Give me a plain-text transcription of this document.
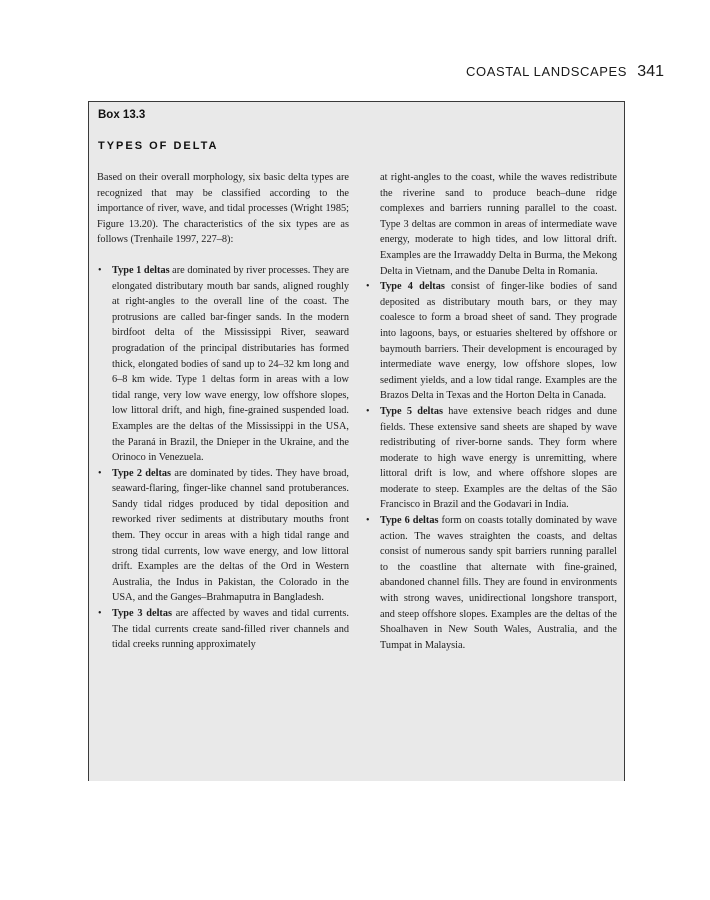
COASTAL LANDSCAPES 341
Box 13.3
TYPES OF DELTA

Based on their overall morphology, six basic delta types are recognized that may be classified according to the importance of river, wave, and tidal processes (Wright 1985; Figure 13.20). The characteristics of the six types are as follows (Trenhaile 1997, 227–8):

• Type 1 deltas are dominated by river processes. They are elongated distributary mouth bar sands, aligned roughly at right-angles to the overall line of the coast. The protrusions are called bar-finger sands. In the modern birdfoot delta of the Mississippi River, seaward progradation of the principal distributaries has formed thick, elongated bodies of sand up to 24–32 km long and 6–8 km wide. Type 1 deltas form in areas with a low tidal range, very low wave energy, low offshore slopes, low littoral drift, and high, fine-grained suspended load. Examples are the deltas of the Mississippi in the USA, the Paraná in Brazil, the Dnieper in the Ukraine, and the Orinoco in Venezuela.
• Type 2 deltas are dominated by tides. They have broad, seaward-flaring, finger-like channel sand protuberances. Sandy tidal ridges produced by tidal deposition and reworked river sediments at distributary mouths front them. They occur in areas with a high tidal range and strong tidal currents, low wave energy, and low littoral drift. Examples are the deltas of the Ord in Western Australia, the Indus in Pakistan, the Colorado in the USA, and the Ganges–Brahmaputra in Bangladesh.
• Type 3 deltas are affected by waves and tidal currents. The tidal currents create sand-filled river channels and tidal creeks running approximately
at right-angles to the coast, while the waves redistribute the riverine sand to produce beach–dune ridge complexes and barriers running parallel to the coast. Type 3 deltas are common in areas of intermediate wave energy, moderate to high tides, and low littoral drift. Examples are the Irrawaddy Delta in Burma, the Mekong Delta in Vietnam, and the Danube Delta in Romania.
• Type 4 deltas consist of finger-like bodies of sand deposited as distributary mouth bars, or they may coalesce to form a broad sheet of sand. They prograde into lagoons, bays, or estuaries sheltered by offshore or baymouth barriers. Their development is encouraged by intermediate wave energy, low offshore slopes, low sediment yields, and a low tidal range. Examples are the Brazos Delta in Texas and the Horton Delta in Canada.
• Type 5 deltas have extensive beach ridges and dune fields. These extensive sand sheets are shaped by wave redistributing of river-borne sands. They form where moderate to high wave energy is unremitting, where littoral drift is low, and where offshore slopes are moderate to steep. Examples are the deltas of the São Francisco in Brazil and the Godavari in India.
• Type 6 deltas form on coasts totally dominated by wave action. The waves straighten the coasts, and deltas consist of numerous sandy spit barriers running parallel to the coastline that alternate with fine-grained, abandoned channel fills. They are found in environments with strong waves, unidirectional longshore transport, and steep offshore slopes. Examples are the deltas of the Shoalhaven in New South Wales, Australia, and the Tumpat in Malaysia.
